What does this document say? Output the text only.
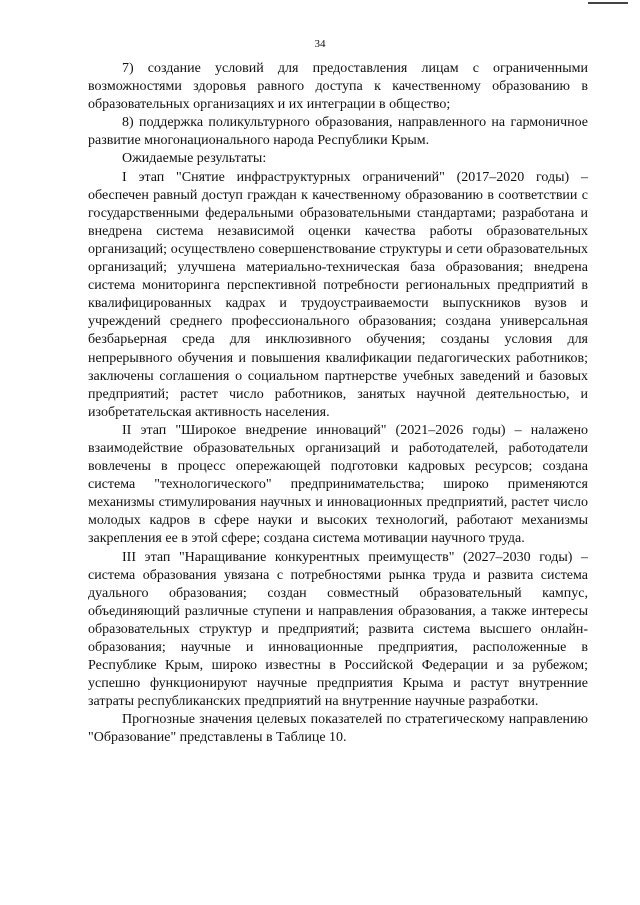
34

7) создание условий для предоставления лицам с ограниченными возможностями здоровья равного доступа к качественному образованию в образовательных организациях и их интеграции в общество;

8) поддержка поликультурного образования, направленного на гармоничное развитие многонационального народа Республики Крым.

Ожидаемые результаты:

I этап "Снятие инфраструктурных ограничений" (2017–2020 годы) – обеспечен равный доступ граждан к качественному образованию в соответствии с государственными федеральными образовательными стандартами; разработана и внедрена система независимой оценки качества работы образовательных организаций; осуществлено совершенствование структуры и сети образовательных организаций; улучшена материально-техническая база образования; внедрена система мониторинга перспективной потребности региональных предприятий в квалифицированных кадрах и трудоустраиваемости выпускников вузов и учреждений среднего профессионального образования; создана универсальная безбарьерная среда для инклюзивного обучения; созданы условия для непрерывного обучения и повышения квалификации педагогических работников; заключены соглашения о социальном партнерстве учебных заведений и базовых предприятий; растет число работников, занятых научной деятельностью, и изобретательская активность населения.

II этап "Широкое внедрение инноваций" (2021–2026 годы) – налажено взаимодействие образовательных организаций и работодателей, работодатели вовлечены в процесс опережающей подготовки кадровых ресурсов; создана система "технологического" предпринимательства; широко применяются механизмы стимулирования научных и инновационных предприятий, растет число молодых кадров в сфере науки и высоких технологий, работают механизмы закрепления ее в этой сфере; создана система мотивации научного труда.

III этап "Наращивание конкурентных преимуществ" (2027–2030 годы) – система образования увязана с потребностями рынка труда и развита система дуального образования; создан совместный образовательный кампус, объединяющий различные ступени и направления образования, а также интересы образовательных структур и предприятий; развита система высшего онлайн-образования; научные и инновационные предприятия, расположенные в Республике Крым, широко известны в Российской Федерации и за рубежом; успешно функционируют научные предприятия Крыма и растут внутренние затраты республиканских предприятий на внутренние научные разработки.

Прогнозные значения целевых показателей по стратегическому направлению "Образование" представлены в Таблице 10.
